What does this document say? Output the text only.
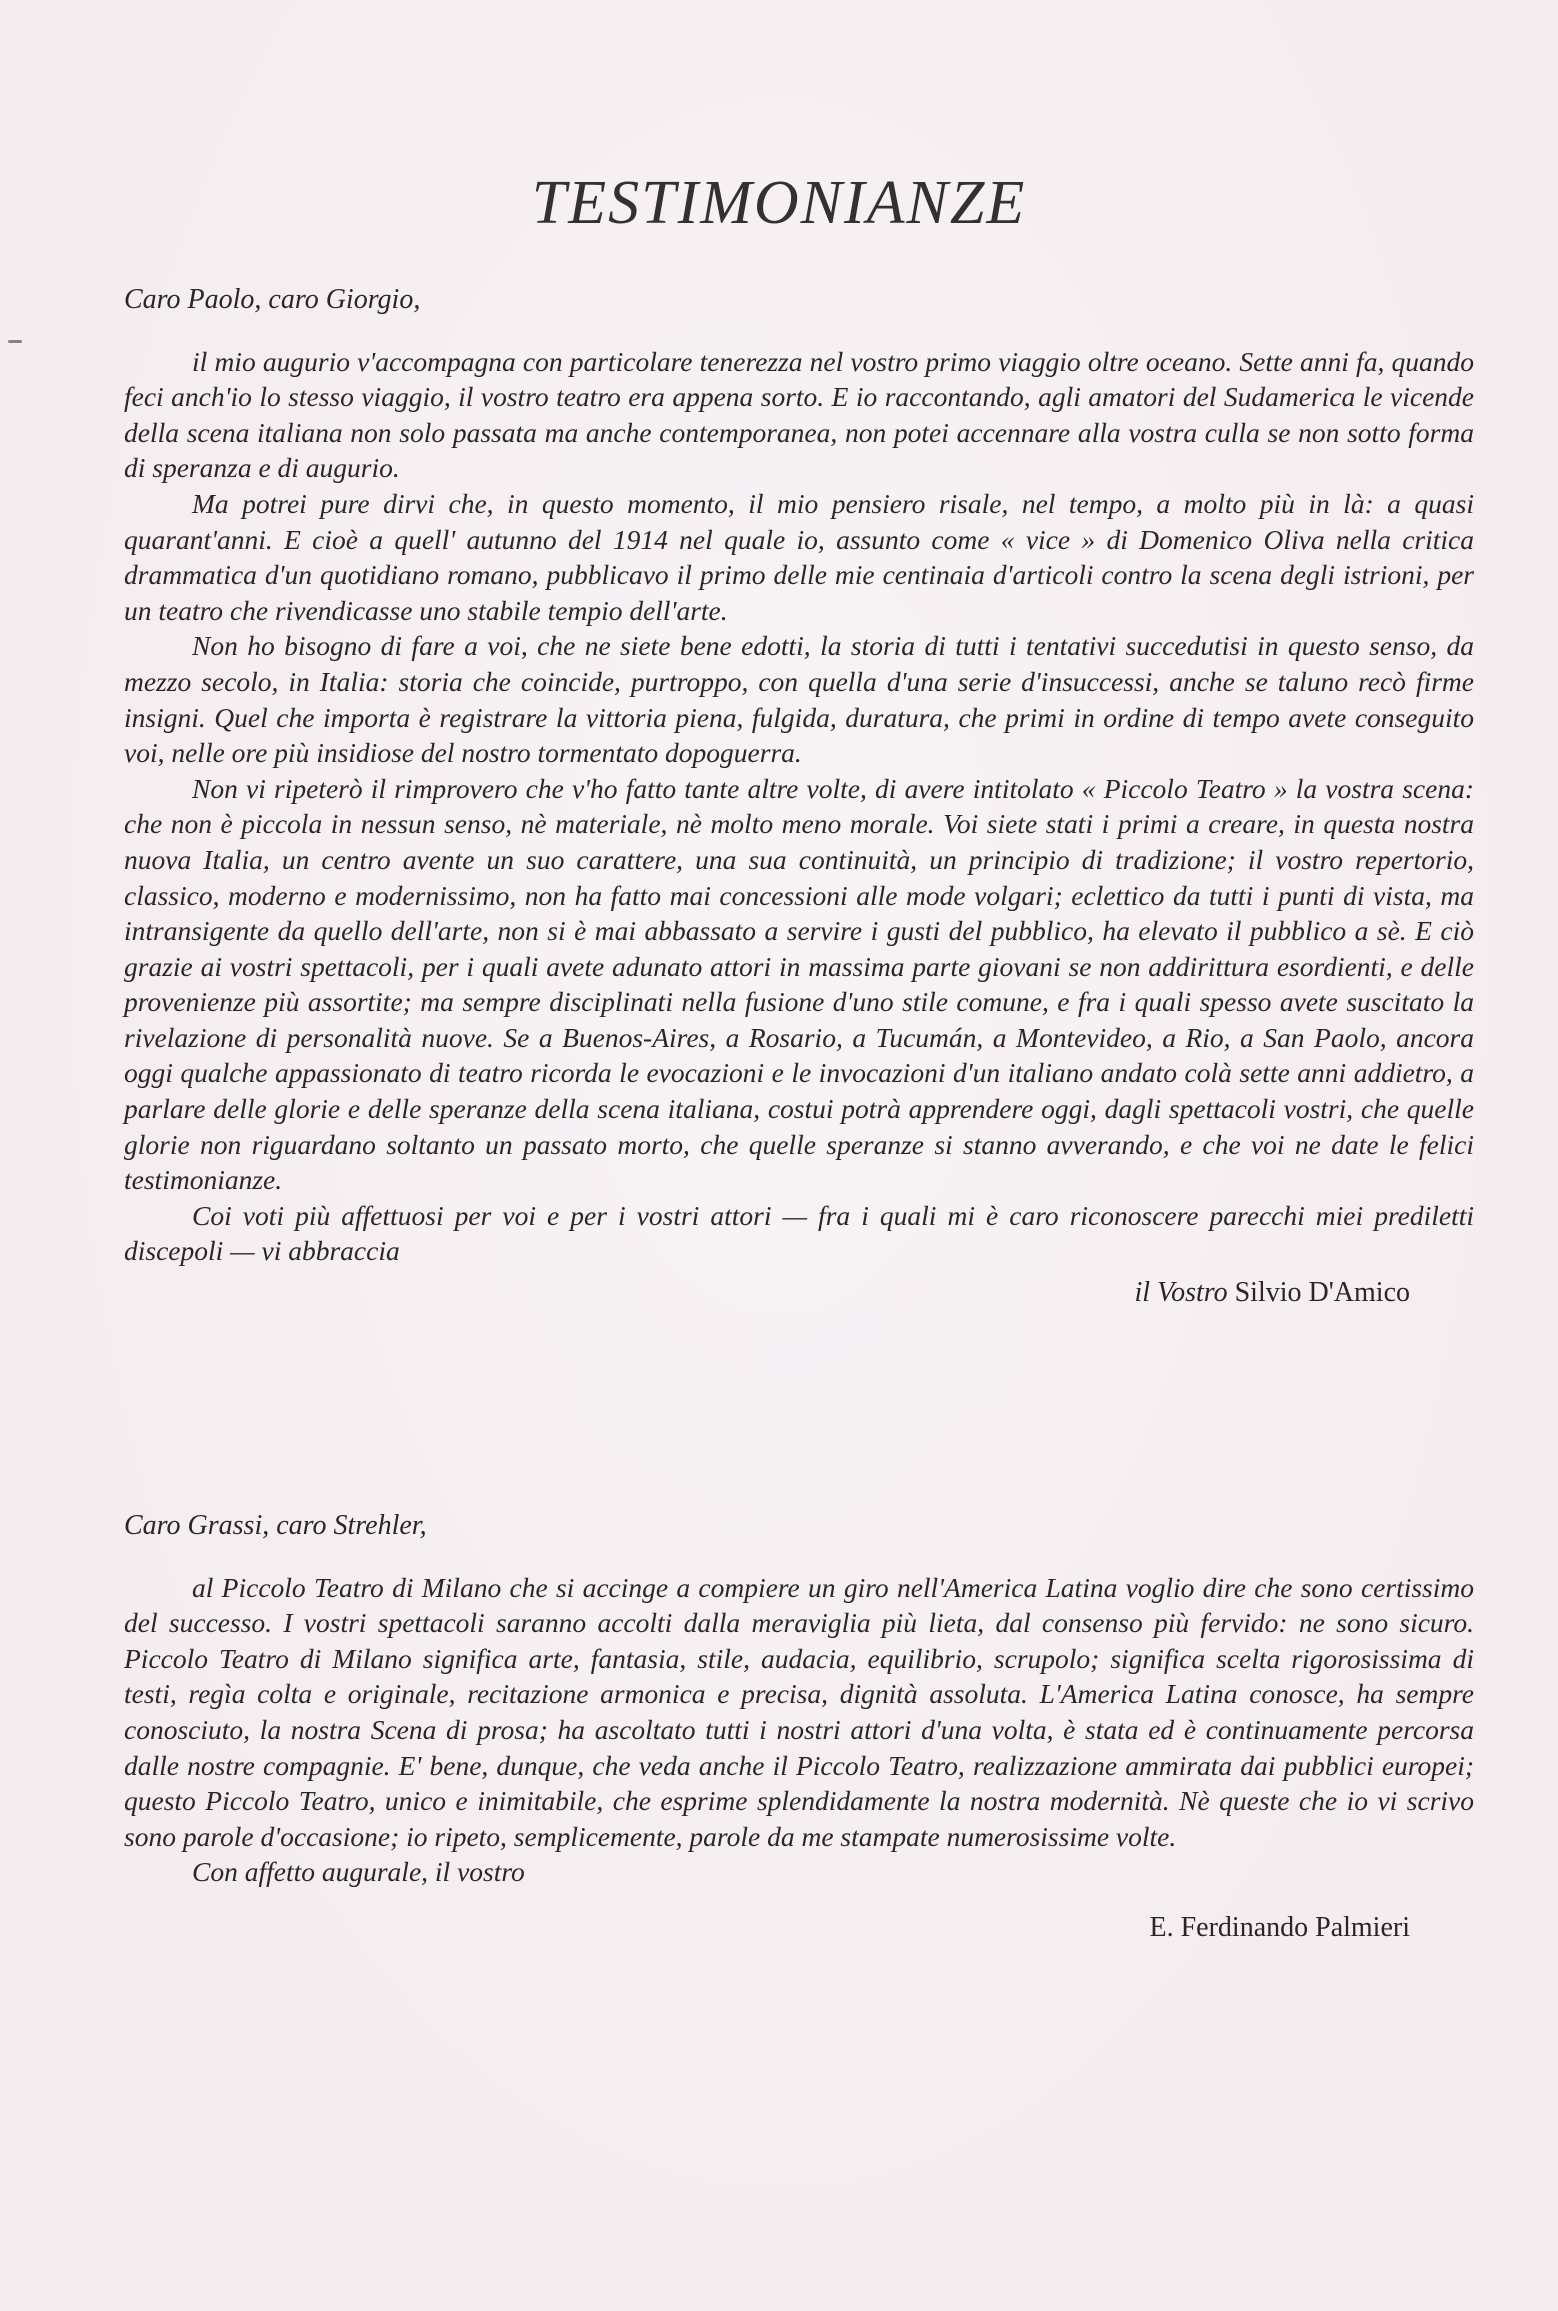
TESTIMONIANZE

Caro Paolo, caro Giorgio,

il mio augurio v'accompagna con particolare tenerezza nel vostro primo viaggio oltre oceano. Sette anni fa, quando feci anch'io lo stesso viaggio, il vostro teatro era appena sorto. E io raccontando, agli amatori del Sudamerica le vicende della scena italiana non solo passata ma anche contemporanea, non potei accennare alla vostra culla se non sotto forma di speranza e di augurio.

Ma potrei pure dirvi che, in questo momento, il mio pensiero risale, nel tempo, a molto più in là: a quasi quarant'anni. E cioè a quell' autunno del 1914 nel quale io, assunto come « vice » di Domenico Oliva nella critica drammatica d'un quotidiano romano, pubblicavo il primo delle mie centinaia d'articoli contro la scena degli istrioni, per un teatro che rivendicasse uno stabile tempio dell'arte.

Non ho bisogno di fare a voi, che ne siete bene edotti, la storia di tutti i tentativi succedutisi in questo senso, da mezzo secolo, in Italia: storia che coincide, purtroppo, con quella d'una serie d'insuccessi, anche se taluno recò firme insigni. Quel che importa è registrare la vittoria piena, fulgida, duratura, che primi in ordine di tempo avete conseguito voi, nelle ore più insidiose del nostro tormentato dopoguerra.

Non vi ripeterò il rimprovero che v'ho fatto tante altre volte, di avere intitolato « Piccolo Teatro » la vostra scena: che non è piccola in nessun senso, nè materiale, nè molto meno morale. Voi siete stati i primi a creare, in questa nostra nuova Italia, un centro avente un suo carattere, una sua continuità, un principio di tradizione; il vostro repertorio, classico, moderno e modernissimo, non ha fatto mai concessioni alle mode volgari; eclettico da tutti i punti di vista, ma intransigente da quello dell'arte, non si è mai abbassato a servire i gusti del pubblico, ha elevato il pubblico a sè. E ciò grazie ai vostri spettacoli, per i quali avete adunato attori in massima parte giovani se non addirittura esordienti, e delle provenienze più assortite; ma sempre disciplinati nella fusione d'uno stile comune, e fra i quali spesso avete suscitato la rivelazione di personalità nuove. Se a Buenos-Aires, a Rosario, a Tucumán, a Montevideo, a Rio, a San Paolo, ancora oggi qualche appassionato di teatro ricorda le evocazioni e le invocazioni d'un italiano andato colà sette anni addietro, a parlare delle glorie e delle speranze della scena italiana, costui potrà apprendere oggi, dagli spettacoli vostri, che quelle glorie non riguardano soltanto un passato morto, che quelle speranze si stanno avverando, e che voi ne date le felici testimonianze.

Coi voti più affettuosi per voi e per i vostri attori — fra i quali mi è caro riconoscere parecchi miei prediletti discepoli — vi abbraccia

il Vostro Silvio D'Amico

Caro Grassi, caro Strehler,

al Piccolo Teatro di Milano che si accinge a compiere un giro nell'America Latina voglio dire che sono certissimo del successo. I vostri spettacoli saranno accolti dalla meraviglia più lieta, dal consenso più fervido: ne sono sicuro. Piccolo Teatro di Milano significa arte, fantasia, stile, audacia, equilibrio, scrupolo; significa scelta rigorosissima di testi, regìa colta e originale, recitazione armonica e precisa, dignità assoluta. L'America Latina conosce, ha sempre conosciuto, la nostra Scena di prosa; ha ascoltato tutti i nostri attori d'una volta, è stata ed è continuamente percorsa dalle nostre compagnie. E' bene, dunque, che veda anche il Piccolo Teatro, realizzazione ammirata dai pubblici europei; questo Piccolo Teatro, unico e inimitabile, che esprime splendidamente la nostra modernità. Nè queste che io vi scrivo sono parole d'occasione; io ripeto, semplicemente, parole da me stampate numerosissime volte.

Con affetto augurale, il vostro

E. Ferdinando Palmieri
